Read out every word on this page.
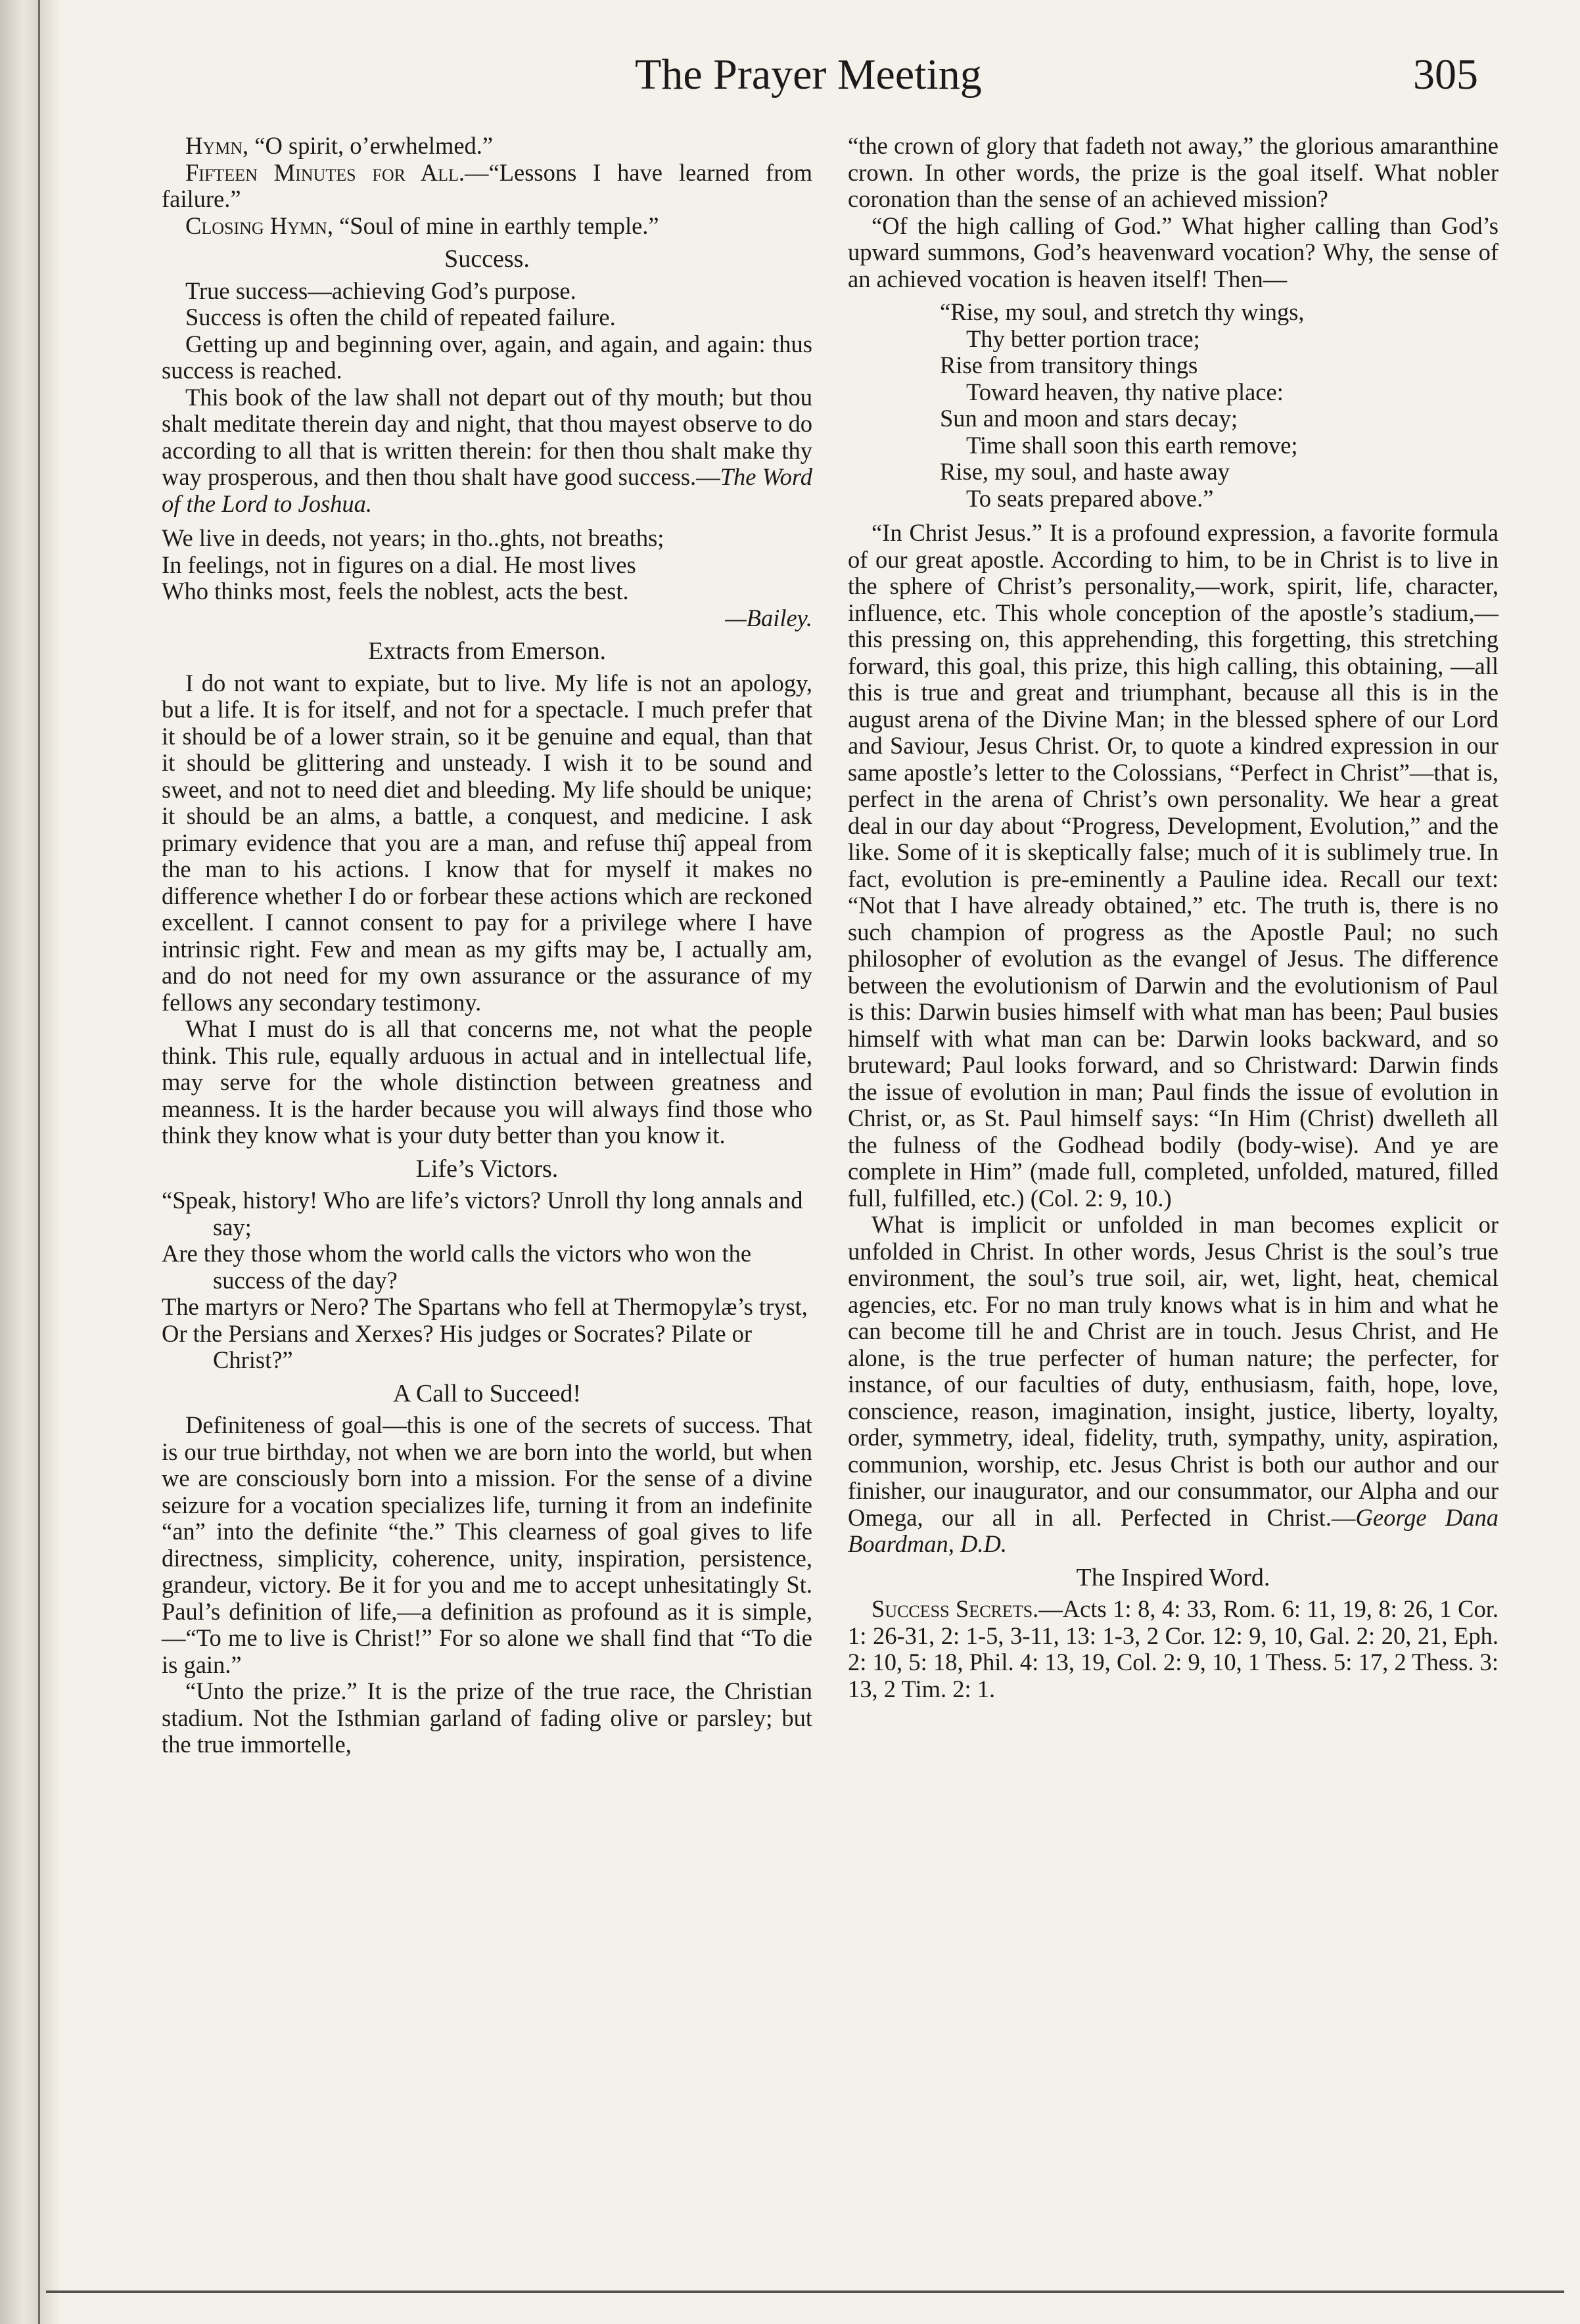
The Prayer Meeting	305

Hymn, “O spirit, o’erwhelmed.”

Fifteen Minutes for All.—“Lessons I have learned from failure.”

Closing Hymn, “Soul of mine in earthly temple.”

Success.

True success—achieving God’s purpose.

Success is often the child of repeated failure.

Getting up and beginning over, again, and again, and again: thus success is reached.

This book of the law shall not depart out of thy mouth; but thou shalt meditate therein day and night, that thou mayest observe to do according to all that is written therein: for then thou shalt make thy way prosperous, and then thou shalt have good success.—The Word of the Lord to Joshua.

We live in deeds, not years; in tho..ghts, not breaths;
In feelings, not in figures on a dial. He most lives
Who thinks most, feels the noblest, acts the best.
—Bailey.
Extracts from Emerson.

I do not want to expiate, but to live. My life is not an apology, but a life. It is for itself, and not for a spectacle. I much prefer that it should be of a lower strain, so it be genuine and equal, than that it should be glittering and unsteady. I wish it to be sound and sweet, and not to need diet and bleeding. My life should be unique; it should be an alms, a battle, a conquest, and medicine. I ask primary evidence that you are a man, and refuse thiĵ appeal from the man to his actions. I know that for myself it makes no difference whether I do or forbear these actions which are reckoned excellent. I cannot consent to pay for a privilege where I have intrinsic right. Few and mean as my gifts may be, I actually am, and do not need for my own assurance or the assurance of my fellows any secondary testimony.

What I must do is all that concerns me, not what the people think. This rule, equally arduous in actual and in intellectual life, may serve for the whole distinction between greatness and meanness. It is the harder because you will always find those who think they know what is your duty better than you know it.

Life’s Victors.
“Speak, history! Who are life’s victors? Unroll thy long annals and say;
Are they those whom the world calls the victors who won the success of the day?
The martyrs or Nero? The Spartans who fell at Thermopylæ’s tryst,
Or the Persians and Xerxes? His judges or Socrates? Pilate or Christ?”
A Call to Succeed!

Definiteness of goal—this is one of the secrets of success. That is our true birthday, not when we are born into the world, but when we are consciously born into a mission. For the sense of a divine seizure for a vocation specializes life, turning it from an indefinite “an” into the definite “the.” This clearness of goal gives to life directness, simplicity, coherence, unity, inspiration, persistence, grandeur, victory. Be it for you and me to accept unhesitatingly St. Paul’s definition of life,—a definition as profound as it is simple,—“To me to live is Christ!” For so alone we shall find that “To die is gain.”

“Unto the prize.” It is the prize of the true race, the Christian stadium. Not the Isthmian garland of fading olive or parsley; but the true immortelle,

“the crown of glory that fadeth not away,” the glorious amaranthine crown. In other words, the prize is the goal itself. What nobler coronation than the sense of an achieved mission?

“Of the high calling of God.” What higher calling than God’s upward summons, God’s heavenward vocation? Why, the sense of an achieved vocation is heaven itself! Then—

“Rise, my soul, and stretch thy wings,
Thy better portion trace;
Rise from transitory things
Toward heaven, thy native place:
Sun and moon and stars decay;
Time shall soon this earth remove;
Rise, my soul, and haste away
To seats prepared above.”

“In Christ Jesus.” It is a profound expression, a favorite formula of our great apostle. According to him, to be in Christ is to live in the sphere of Christ’s personality,—work, spirit, life, character, influence, etc. This whole conception of the apostle’s stadium,—this pressing on, this apprehending, this forgetting, this stretching forward, this goal, this prize, this high calling, this obtaining, —all this is true and great and triumphant, because all this is in the august arena of the Divine Man; in the blessed sphere of our Lord and Saviour, Jesus Christ. Or, to quote a kindred expression in our same apostle’s letter to the Colossians, “Perfect in Christ”—that is, perfect in the arena of Christ’s own personality. We hear a great deal in our day about “Progress, Development, Evolution,” and the like. Some of it is skeptically false; much of it is sublimely true. In fact, evolution is pre-eminently a Pauline idea. Recall our text: “Not that I have already obtained,” etc. The truth is, there is no such champion of progress as the Apostle Paul; no such philosopher of evolution as the evangel of Jesus. The difference between the evolutionism of Darwin and the evolutionism of Paul is this: Darwin busies himself with what man has been; Paul busies himself with what man can be: Darwin looks backward, and so bruteward; Paul looks forward, and so Christward: Darwin finds the issue of evolution in man; Paul finds the issue of evolution in Christ, or, as St. Paul himself says: “In Him (Christ) dwelleth all the fulness of the Godhead bodily (body-wise). And ye are complete in Him” (made full, completed, unfolded, matured, filled full, fulfilled, etc.) (Col. 2: 9, 10.)

What is implicit or unfolded in man becomes explicit or unfolded in Christ. In other words, Jesus Christ is the soul’s true environment, the soul’s true soil, air, wet, light, heat, chemical agencies, etc. For no man truly knows what is in him and what he can become till he and Christ are in touch. Jesus Christ, and He alone, is the true perfecter of human nature; the perfecter, for instance, of our faculties of duty, enthusiasm, faith, hope, love, conscience, reason, imagination, insight, justice, liberty, loyalty, order, symmetry, ideal, fidelity, truth, sympathy, unity, aspiration, communion, worship, etc. Jesus Christ is both our author and our finisher, our inaugurator, and our consummator, our Alpha and our Omega, our all in all. Perfected in Christ.—George Dana Boardman, D.D.

The Inspired Word.

Success Secrets.—Acts 1: 8, 4: 33, Rom. 6: 11, 19, 8: 26, 1 Cor. 1: 26-31, 2: 1-5, 3-11, 13: 1-3, 2 Cor. 12: 9, 10, Gal. 2: 20, 21, Eph. 2: 10, 5: 18, Phil. 4: 13, 19, Col. 2: 9, 10, 1 Thess. 5: 17, 2 Thess. 3: 13, 2 Tim. 2: 1.
